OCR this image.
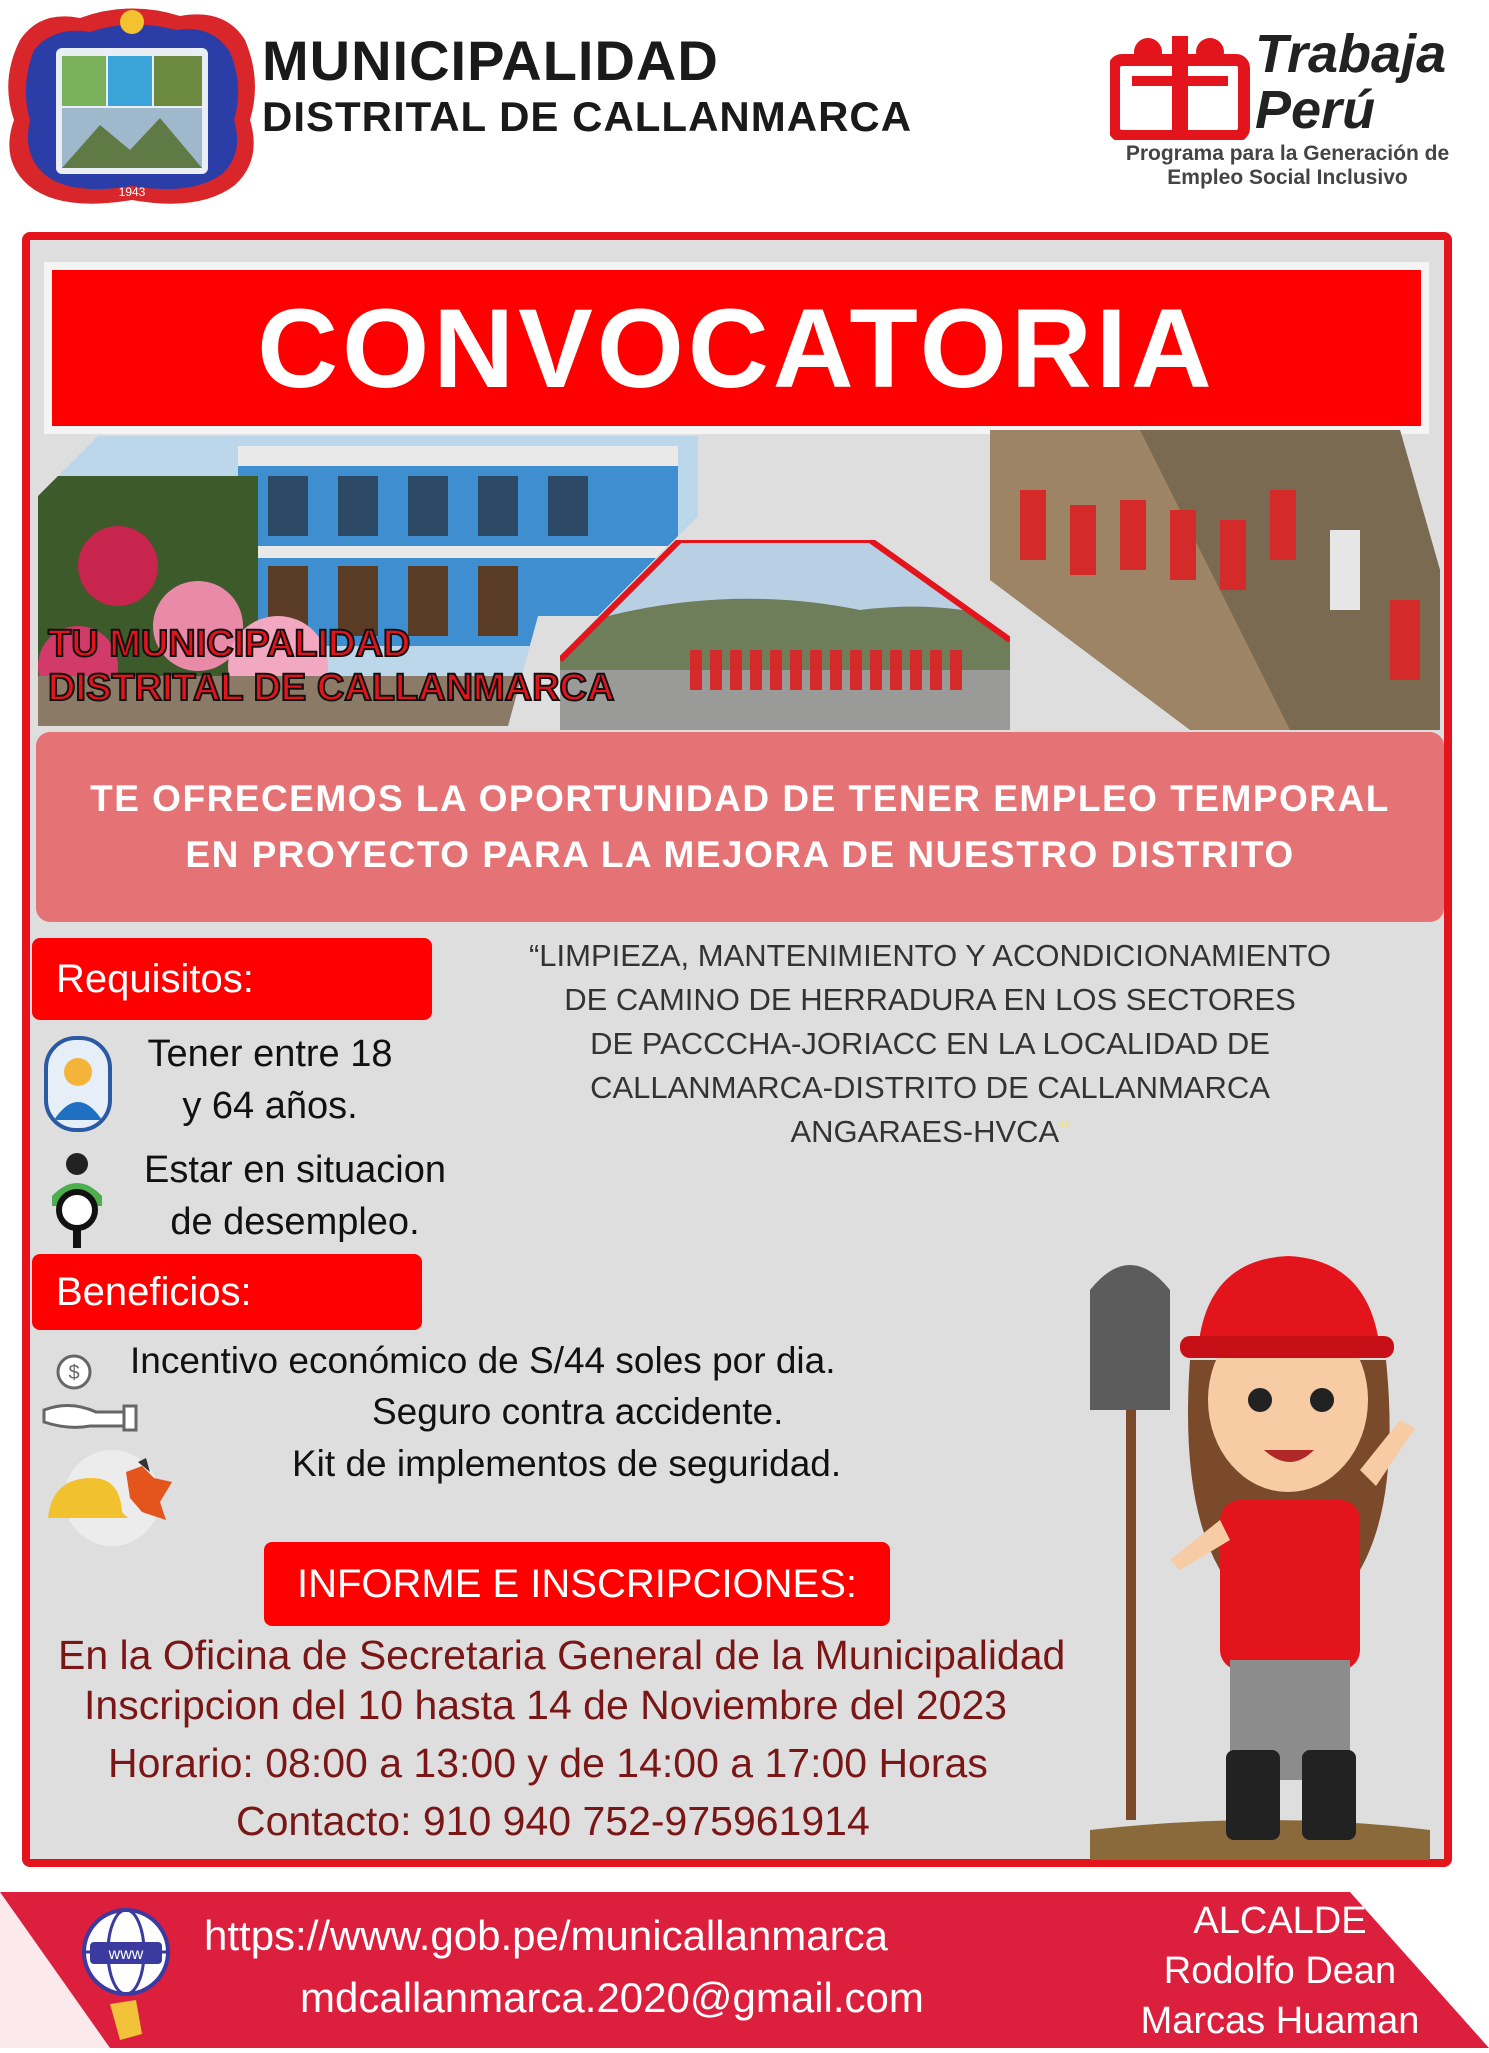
1943
MUNICIPALIDAD
DISTRITAL DE CALLANMARCA
Trabaja
Perú
Programa para la Generación de Empleo Social Inclusivo
CONVOCATORIA
TU MUNICIPALIDAD
DISTRITAL DE CALLANMARCA
TE OFRECEMOS LA OPORTUNIDAD DE TENER EMPLEO TEMPORAL EN PROYECTO PARA LA MEJORA DE NUESTRO DISTRITO
Requisitos:
Tener entre 18
y 64 años.
Estar en situacion
de desempleo.
“LIMPIEZA, MANTENIMIENTO Y ACONDICIONAMIENTO
DE CAMINO DE HERRADURA EN LOS SECTORES
DE PACCCHA-JORIACC EN LA LOCALIDAD DE
CALLANMARCA-DISTRITO DE CALLANMARCA
ANGARAES-HVCA”
Beneficios:
$ Incentivo económico de S/44 soles por dia.
Seguro contra accidente.
Kit de implementos de seguridad.
INFORME E INSCRIPCIONES:
En la Oficina de Secretaria General de la Municipalidad
Inscripcion del 10 hasta 14 de Noviembre del 2023
Horario: 08:00 a 13:00 y de 14:00 a 17:00 Horas
Contacto: 910 940 752-975961914
www https://www.gob.pe/municallanmarca
mdcallanmarca.2020@gmail.com
ALCALDE
Rodolfo Dean
Marcas Huaman
